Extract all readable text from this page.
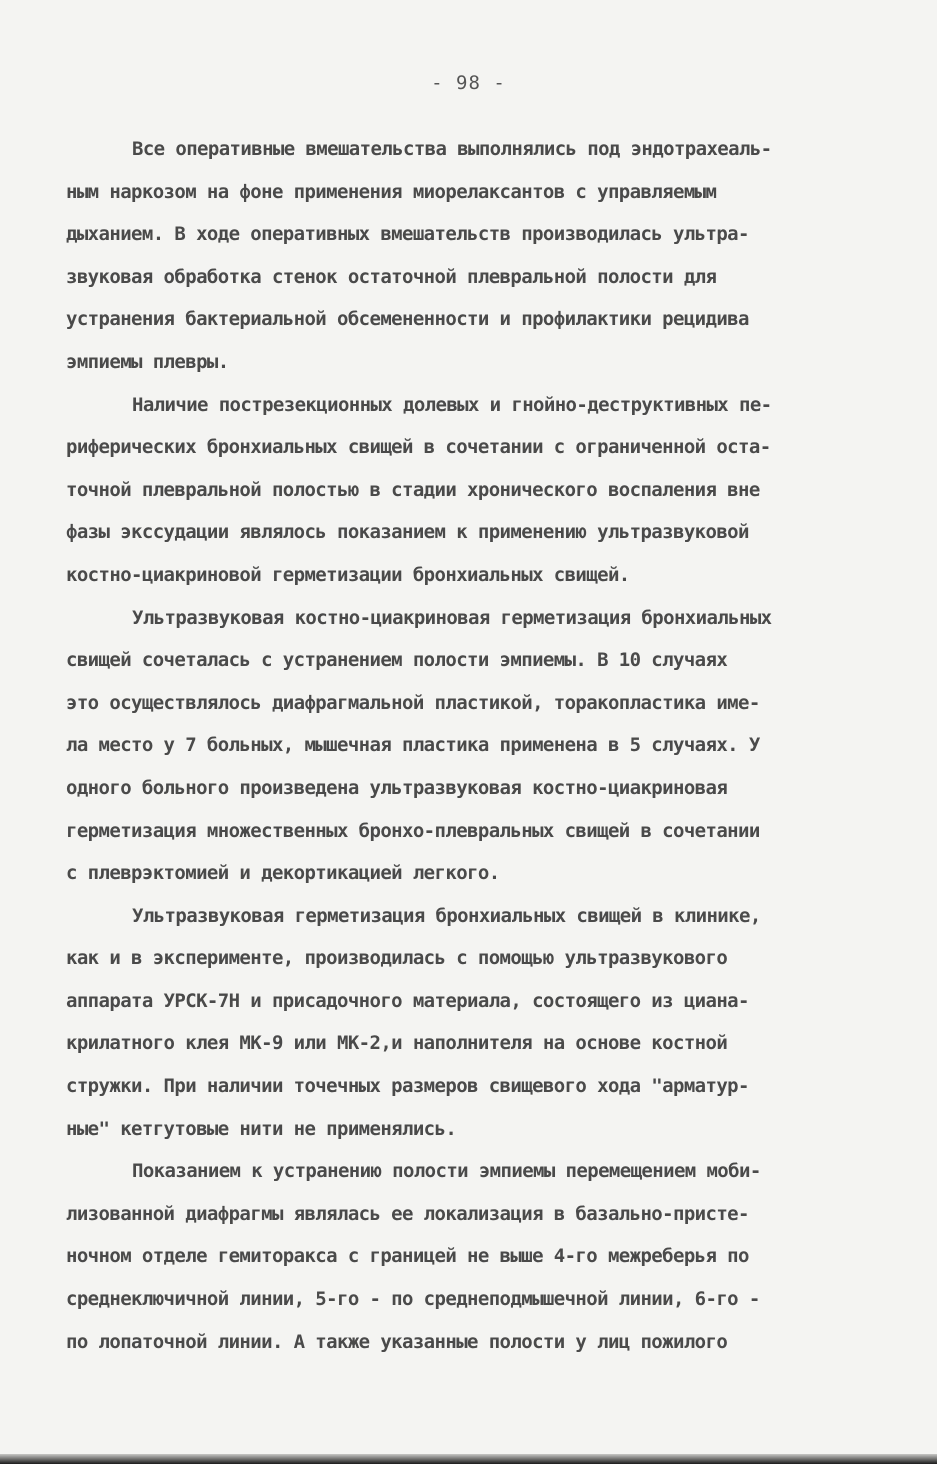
- 98 -
Все оперативные вмешательства выполнялись под эндотрахеаль-
ным наркозом на фоне применения миорелаксантов с управляемым
дыханием. В ходе оперативных вмешательств производилась ультра-
звуковая обработка стенок остаточной плевральной полости для
устранения бактериальной обсемененности и профилактики рецидива
эмпиемы плевры.
Наличие пострезекционных долевых и гнойно-деструктивных пе-
риферических бронхиальных свищей в сочетании с ограниченной оста-
точной плевральной полостью в стадии хронического воспаления вне
фазы экссудации являлось показанием к применению ультразвуковой
костно-циакриновой герметизации бронхиальных свищей.
Ультразвуковая костно-циакриновая герметизация бронхиальных
свищей сочеталась с устранением полости эмпиемы. В 10 случаях
это осуществлялось диафрагмальной пластикой, торакопластика име-
ла место у 7 больных, мышечная пластика применена в 5 случаях. У
одного больного произведена ультразвуковая костно-циакриновая
герметизация множественных бронхо-плевральных свищей в сочетании
с плеврэктомией и декортикацией легкого.
Ультразвуковая герметизация бронхиальных свищей в клинике,
как и в эксперименте, производилась с помощью ультразвукового
аппарата УРСК-7Н и присадочного материала, состоящего из циана-
крилатного клея МК-9 или МК-2,и наполнителя на основе костной
стружки. При наличии точечных размеров свищевого хода "арматур-
ные" кетгутовые нити не применялись.
Показанием к устранению полости эмпиемы перемещением моби-
лизованной диафрагмы являлась ее локализация в базально-присте-
ночном отделе гемиторакса с границей не выше 4-го межреберья по
среднеключичной линии, 5-го - по среднеподмышечной линии, 6-го -
по лопаточной линии. А также указанные полости у лиц пожилого
